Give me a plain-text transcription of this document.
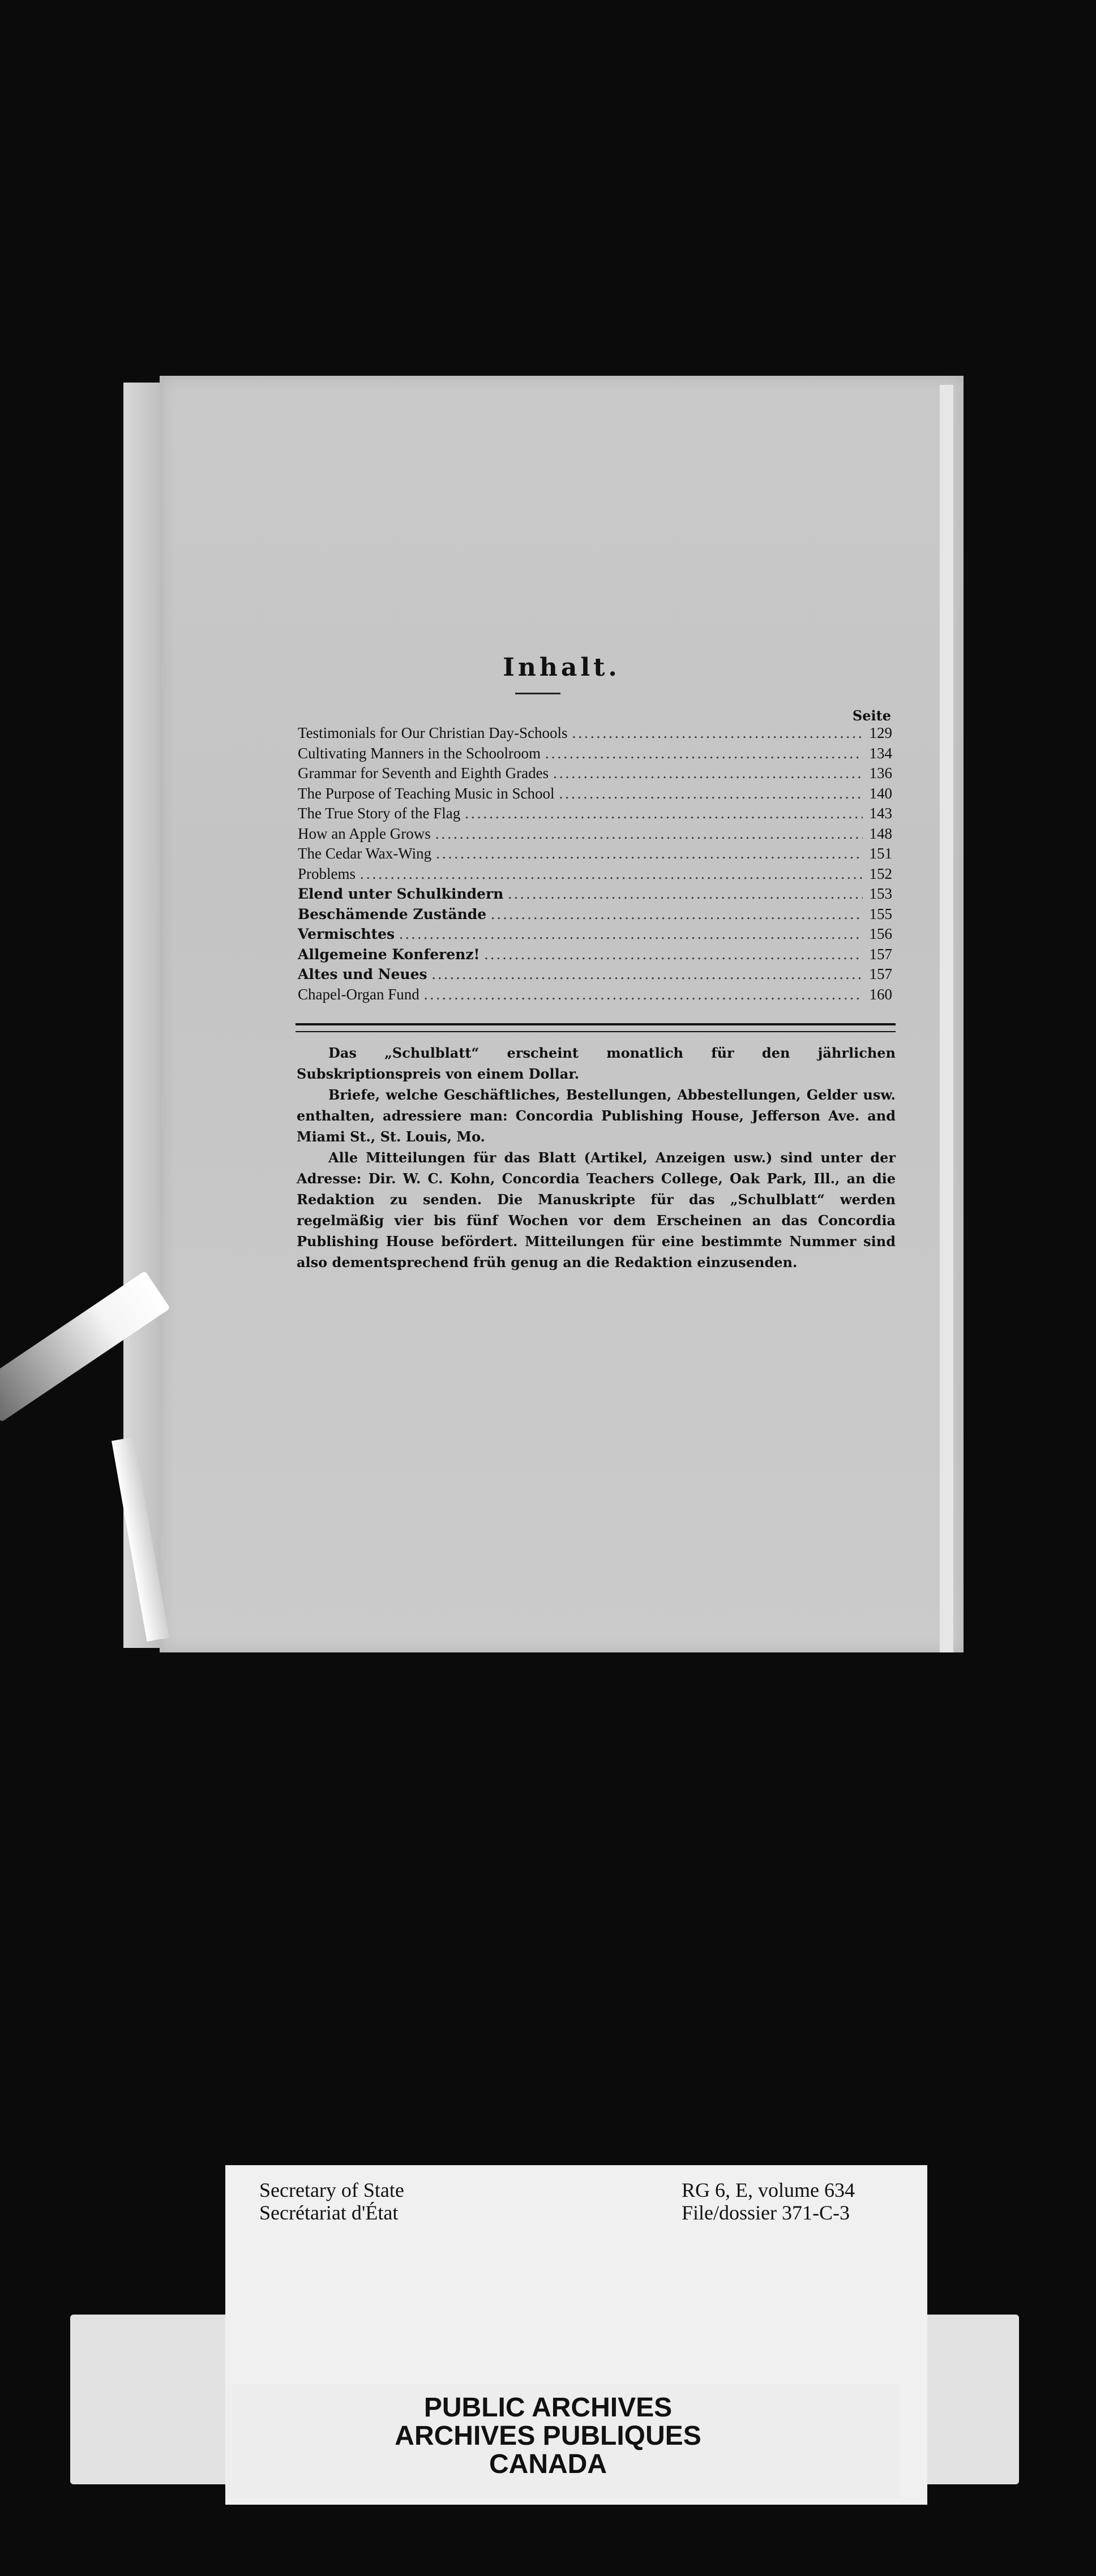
Inhalt.
Seite
Testimonials for Our Christian Day-Schools .....	129
Cultivating Manners in the Schoolroom .....	134
Grammar for Seventh and Eighth Grades .....	136
The Purpose of Teaching Music in School .....	140
The True Story of the Flag .....	143
How an Apple Grows .....	148
The Cedar Wax-Wing .....	151
Problems .....	152
Elend unter Schulkindern .....	153
Beschämende Zustände .....	155
Vermischtes .....	156
Allgemeine Konferenz! .....	157
Altes und Neues .....	157
Chapel-Organ Fund .....	160

Das „Schulblatt“ erscheint monatlich für den jährlichen Subskriptionspreis von einem Dollar.

Briefe, welche Geschäftliches, Bestellungen, Abbestellungen, Gelder usw. enthalten, adressiere man: Concordia Publishing House, Jefferson Ave. and Miami St., St. Louis, Mo.

Alle Mitteilungen für das Blatt (Artikel, Anzeigen usw.) sind unter der Adresse: Dir. W. C. Kohn, Concordia Teachers College, Oak Park, Ill., an die Redaktion zu senden. Die Manuskripte für das „Schulblatt“ werden regelmäßig vier bis fünf Wochen vor dem Erscheinen an das Concordia Publishing House befördert. Mitteilungen für eine bestimmte Nummer sind also dementsprechend früh genug an die Redaktion einzusenden.

Secretary of State
Secrétariat d'État
RG 6, E, volume 634
File/dossier 371-C-3
PUBLIC ARCHIVES
ARCHIVES PUBLIQUES
CANADA
